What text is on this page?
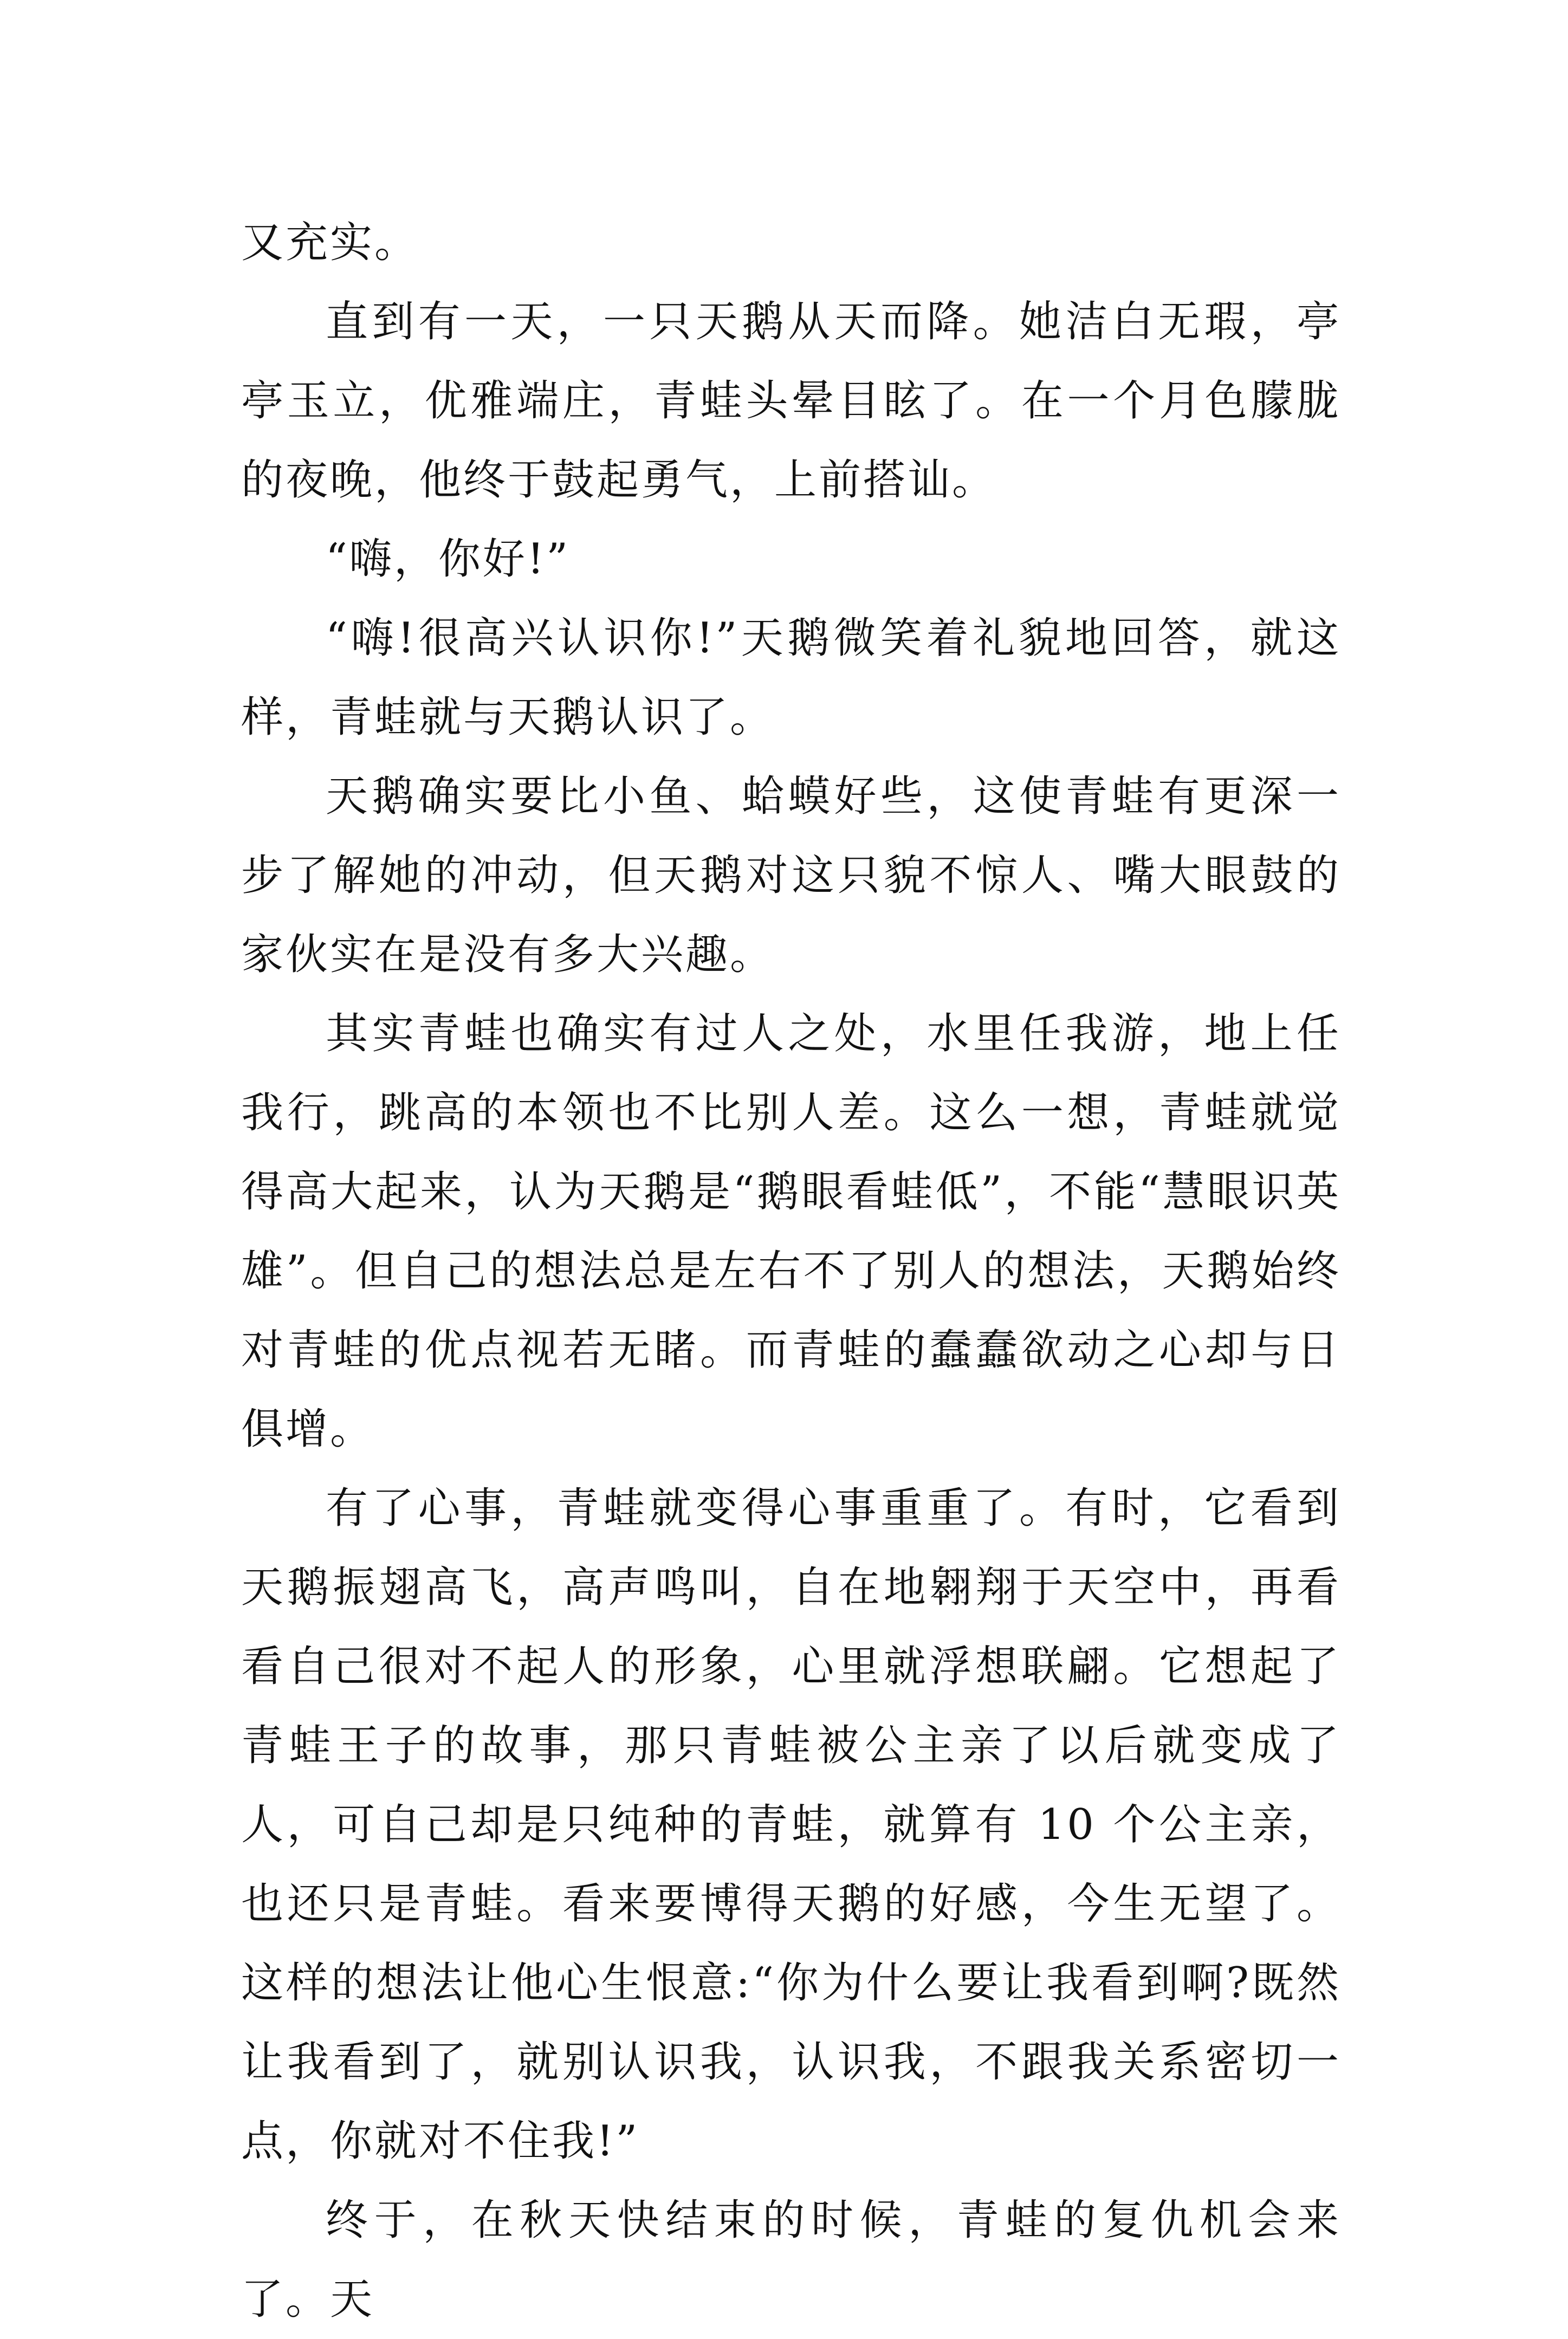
又充实。

直到有一天，一只天鹅从天而降。她洁白无瑕，亭亭玉立，优雅端庄，青蛙头晕目眩了。在一个月色朦胧的夜晚，他终于鼓起勇气，上前搭讪。

“嗨，你好!”

“嗨!很高兴认识你!”天鹅微笑着礼貌地回答，就这样，青蛙就与天鹅认识了。

天鹅确实要比小鱼、蛤蟆好些，这使青蛙有更深一步了解她的冲动，但天鹅对这只貌不惊人、嘴大眼鼓的家伙实在是没有多大兴趣。

其实青蛙也确实有过人之处，水里任我游，地上任我行，跳高的本领也不比别人差。这么一想，青蛙就觉得高大起来，认为天鹅是“鹅眼看蛙低”，不能“慧眼识英雄”。但自己的想法总是左右不了别人的想法，天鹅始终对青蛙的优点视若无睹。而青蛙的蠢蠢欲动之心却与日俱增。

有了心事，青蛙就变得心事重重了。有时，它看到天鹅振翅高飞，高声鸣叫，自在地翱翔于天空中，再看看自己很对不起人的形象，心里就浮想联翩。它想起了青蛙王子的故事，那只青蛙被公主亲了以后就变成了人，可自己却是只纯种的青蛙，就算有 10 个公主亲，也还只是青蛙。看来要博得天鹅的好感，今生无望了。这样的想法让他心生恨意:“你为什么要让我看到啊?既然让我看到了，就别认识我，认识我，不跟我关系密切一点，你就对不住我!”

终于，在秋天快结束的时候，青蛙的复仇机会来了。天
